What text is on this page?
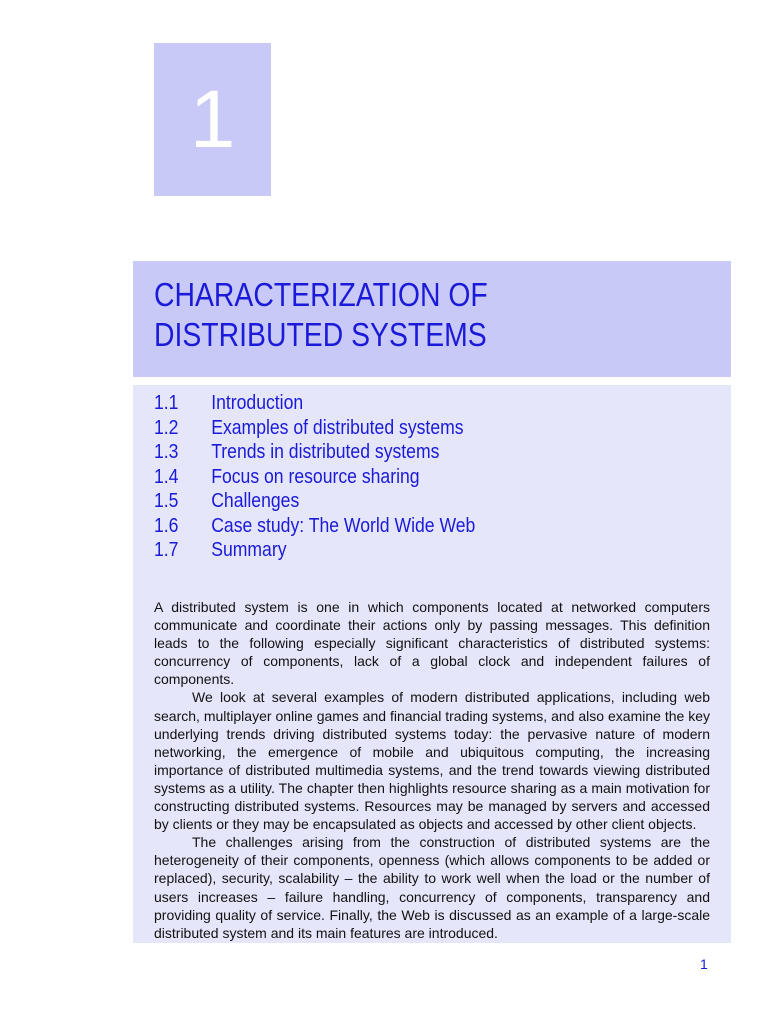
1
CHARACTERIZATION OF
DISTRIBUTED SYSTEMS
1.1	Introduction
1.2	Examples of distributed systems
1.3	Trends in distributed systems
1.4	Focus on resource sharing
1.5	Challenges
1.6	Case study: The World Wide Web
1.7	Summary

A distributed system is one in which components located at networked computers communicate and coordinate their actions only by passing messages. This definition leads to the following especially significant characteristics of distributed systems: concurrency of components, lack of a global clock and independent failures of components.

We look at several examples of modern distributed applications, including web search, multiplayer online games and financial trading systems, and also examine the key underlying trends driving distributed systems today: the pervasive nature of modern networking, the emergence of mobile and ubiquitous computing, the increasing importance of distributed multimedia systems, and the trend towards viewing distributed systems as a utility. The chapter then highlights resource sharing as a main motivation for constructing distributed systems. Resources may be managed by servers and accessed by clients or they may be encapsulated as objects and accessed by other client objects.

The challenges arising from the construction of distributed systems are the heterogeneity of their components, openness (which allows components to be added or replaced), security, scalability – the ability to work well when the load or the number of users increases – failure handling, concurrency of components, transparency and providing quality of service. Finally, the Web is discussed as an example of a large-scale distributed system and its main features are introduced.

1
